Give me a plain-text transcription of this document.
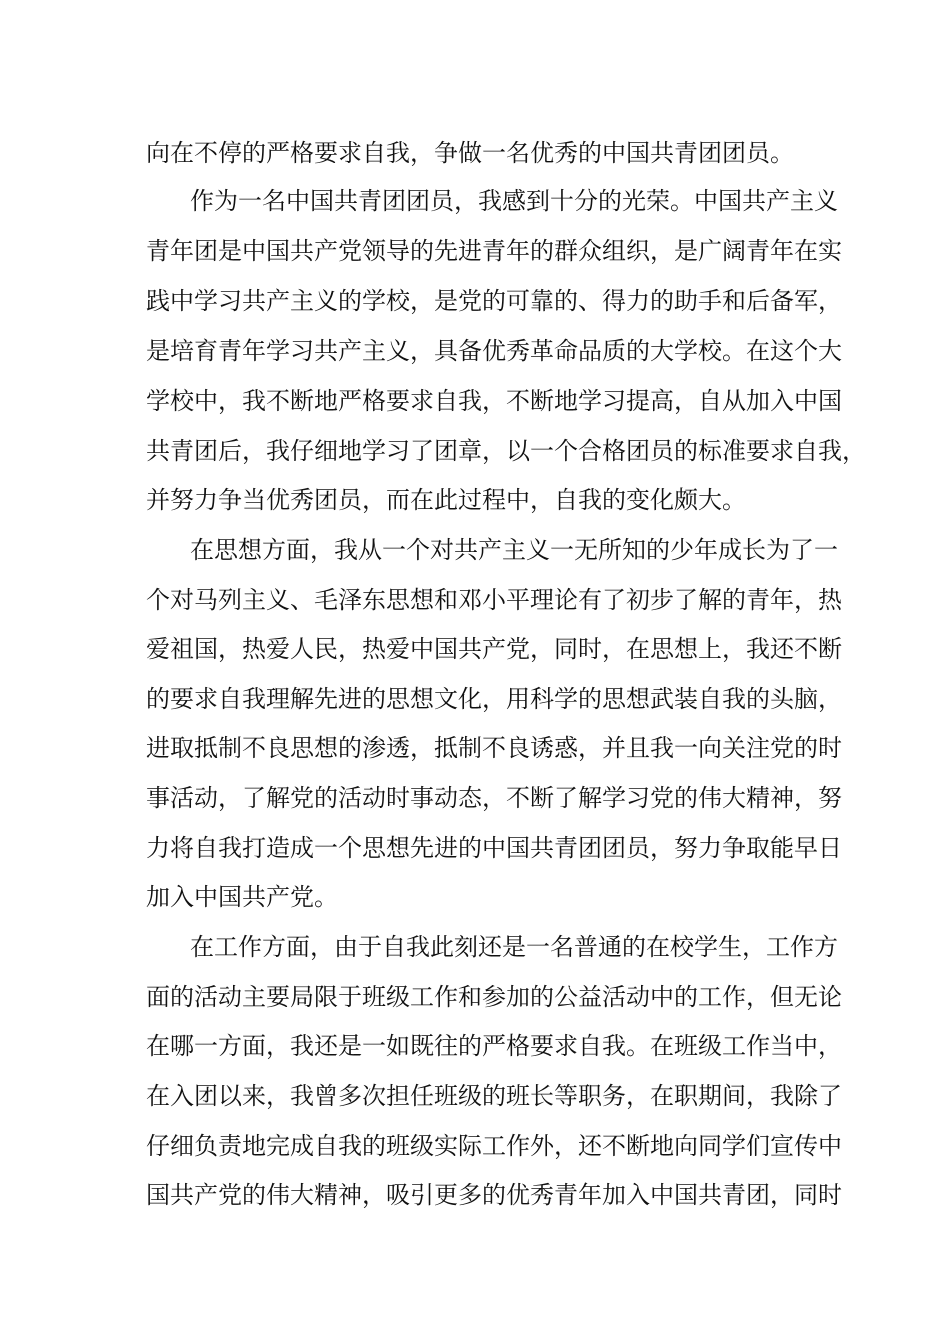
向在不停的严格要求自我，争做一名优秀的中国共青团团员。
作为一名中国共青团团员，我感到十分的光荣。中国共产主义
青年团是中国共产党领导的先进青年的群众组织，是广阔青年在实
践中学习共产主义的学校，是党的可靠的、得力的助手和后备军，
是培育青年学习共产主义，具备优秀革命品质的大学校。在这个大
学校中，我不断地严格要求自我，不断地学习提高，自从加入中国
共青团后，我仔细地学习了团章，以一个合格团员的标准要求自我，
并努力争当优秀团员，而在此过程中，自我的变化颇大。
在思想方面，我从一个对共产主义一无所知的少年成长为了一
个对马列主义、毛泽东思想和邓小平理论有了初步了解的青年，热
爱祖国，热爱人民，热爱中国共产党，同时，在思想上，我还不断
的要求自我理解先进的思想文化，用科学的思想武装自我的头脑，
进取抵制不良思想的渗透，抵制不良诱惑，并且我一向关注党的时
事活动，了解党的活动时事动态，不断了解学习党的伟大精神，努
力将自我打造成一个思想先进的中国共青团团员，努力争取能早日
加入中国共产党。
在工作方面，由于自我此刻还是一名普通的在校学生，工作方
面的活动主要局限于班级工作和参加的公益活动中的工作，但无论
在哪一方面，我还是一如既往的严格要求自我。在班级工作当中，
在入团以来，我曾多次担任班级的班长等职务，在职期间，我除了
仔细负责地完成自我的班级实际工作外，还不断地向同学们宣传中
国共产党的伟大精神，吸引更多的优秀青年加入中国共青团，同时
